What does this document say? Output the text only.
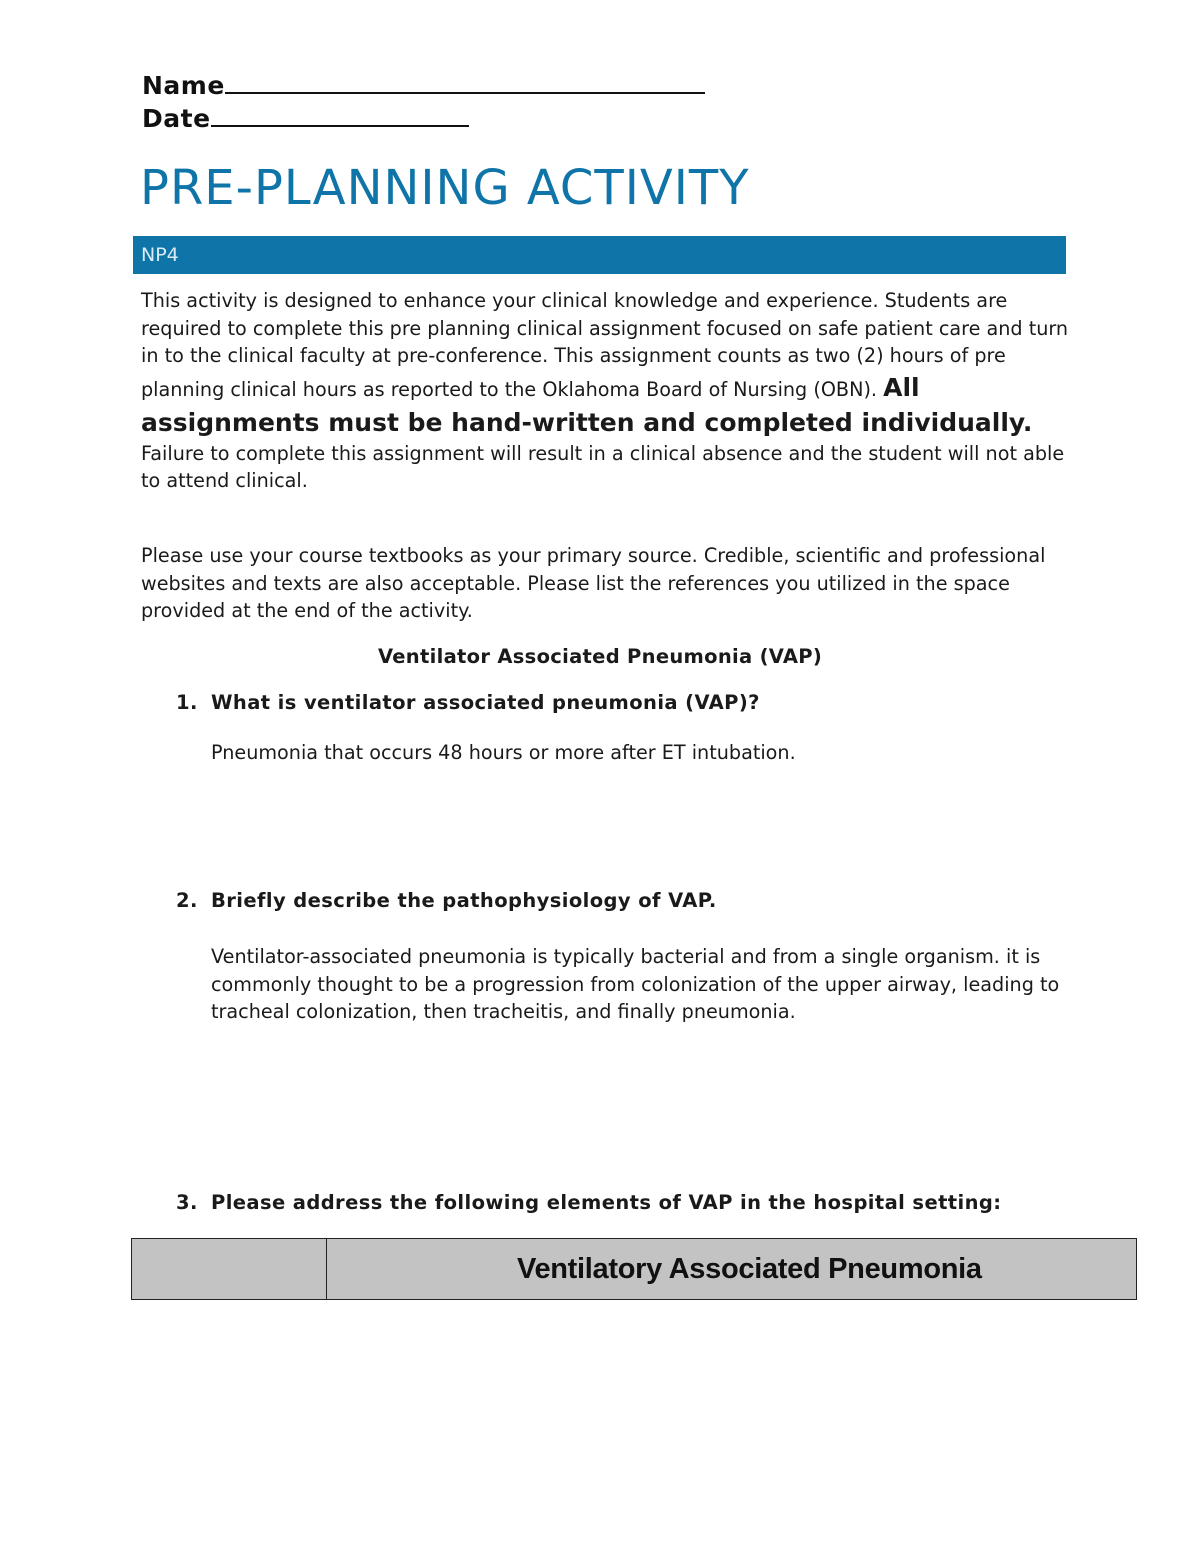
Name
Date
PRE-PLANNING ACTIVITY
NP4

This activity is designed to enhance your clinical knowledge and experience. Students are required to complete this pre planning clinical assignment focused on safe patient care and turn in to the clinical faculty at pre-conference. This assignment counts as two (2) hours of pre planning clinical hours as reported to the Oklahoma Board of Nursing (OBN). All assignments must be hand-written and completed individually. Failure to complete this assignment will result in a clinical absence and the student will not able to attend clinical.

Please use your course textbooks as your primary source. Credible, scientific and professional websites and texts are also acceptable. Please list the references you utilized in the space provided at the end of the activity.

Ventilator Associated Pneumonia (VAP)

1. What is ventilator associated pneumonia (VAP)?

Pneumonia that occurs 48 hours or more after ET intubation.

2. Briefly describe the pathophysiology of VAP.

Ventilator-associated pneumonia is typically bacterial and from a single organism. it is commonly thought to be a progression from colonization of the upper airway, leading to tracheal colonization, then tracheitis, and finally pneumonia.

3. Please address the following elements of VAP in the hospital setting:

	Ventilatory Associated Pneumonia
